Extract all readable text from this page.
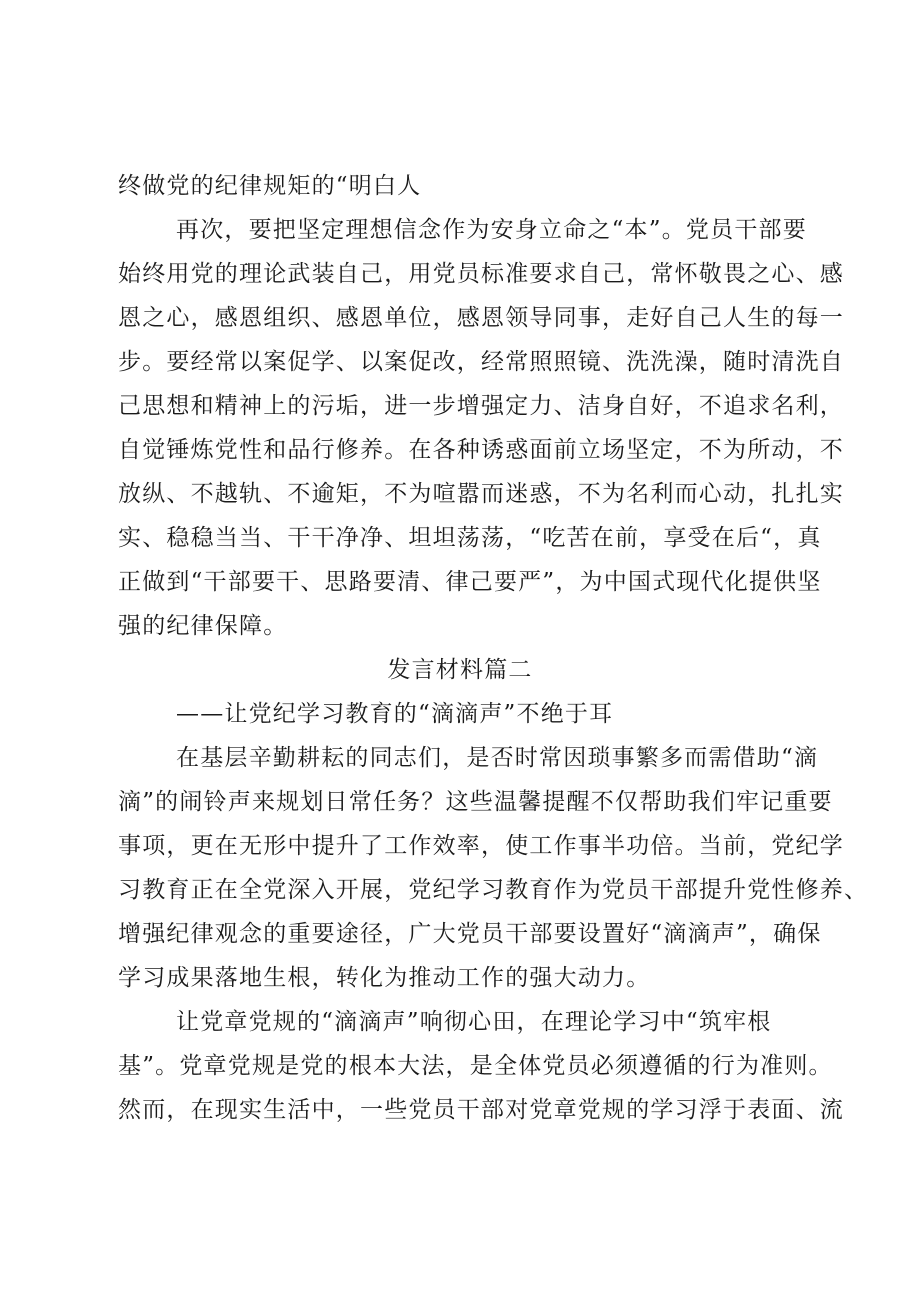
终做党的纪律规矩的“明白人
再次，要把坚定理想信念作为安身立命之“本”。党员干部要
始终用党的理论武装自己，用党员标准要求自己，常怀敬畏之心、感
恩之心，感恩组织、感恩单位，感恩领导同事，走好自己人生的每一
步。要经常以案促学、以案促改，经常照照镜、洗洗澡，随时清洗自
己思想和精神上的污垢，进一步增强定力、洁身自好，不追求名利，
自觉锤炼党性和品行修养。在各种诱惑面前立场坚定，不为所动，不
放纵、不越轨、不逾矩，不为喧嚣而迷惑，不为名利而心动，扎扎实
实、稳稳当当、干干净净、坦坦荡荡，“吃苦在前，享受在后“，真
正做到“干部要干、思路要清、律己要严”，为中国式现代化提供坚
强的纪律保障。
发言材料篇二
——让党纪学习教育的“滴滴声”不绝于耳
在基层辛勤耕耘的同志们，是否时常因琐事繁多而需借助“滴
滴”的闹铃声来规划日常任务？这些温馨提醒不仅帮助我们牢记重要
事项，更在无形中提升了工作效率，使工作事半功倍。当前，党纪学
习教育正在全党深入开展，党纪学习教育作为党员干部提升党性修养、
增强纪律观念的重要途径，广大党员干部要设置好“滴滴声”，确保
学习成果落地生根，转化为推动工作的强大动力。
让党章党规的“滴滴声”响彻心田，在理论学习中“筑牢根
基”。党章党规是党的根本大法，是全体党员必须遵循的行为准则。
然而，在现实生活中，一些党员干部对党章党规的学习浮于表面、流
